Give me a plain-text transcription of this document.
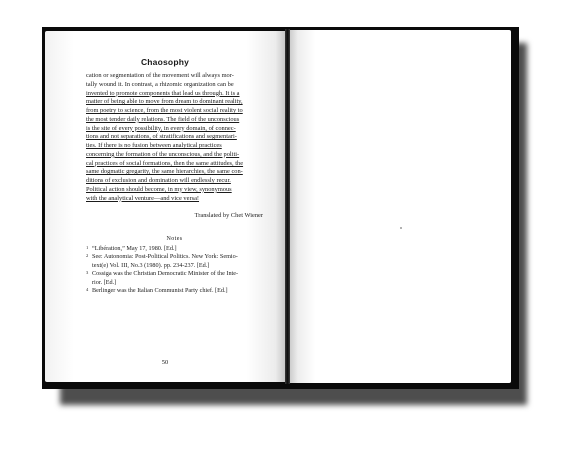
Chaosophy
cation or segmentation of the movement will always mor-
tally wound it. In contrast, a rhizomic organization can be
invented to promote components that lead us through. It is a
matter of being able to move from dream to dominant reality,
from poetry to science, from the most violent social reality to
the most tender daily relations. The field of the unconscious
is the site of every possibility, in every domain, of connec-
tions and not separations, of stratifications and segmentari-
ties. If there is no fusion between analytical practices
concerning the formation of the unconscious, and the politi-
cal practices of social formations, then the same attitudes, the
same dogmatic gregarity, the same hierarchies, the same con-
ditions of exclusion and domination will endlessly recur.
Political action should become, in my view, synonymous
with the analytical venture—and vice versa!
Translated by Chet Wiener
Notes
1 “Libération,” May 17, 1980. [Ed.]
2 See: Autonomia: Post-Political Politics. New York: Semio-
text(e) Vol. III, No.3 (1980). pp. 234-237. [Ed.]
3 Cossiga was the Christian Democratic Minister of the Inte-
rior. [Ed.]
4 Berlinger was the Italian Communist Party chief. [Ed.]
50
